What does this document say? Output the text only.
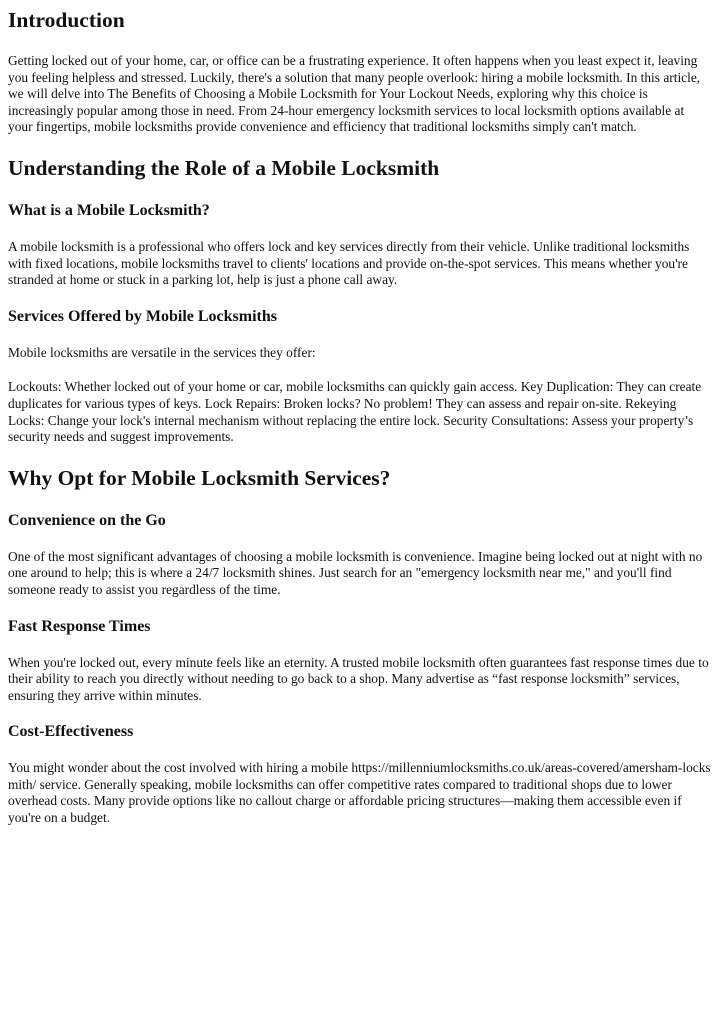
Introduction

Getting locked out of your home, car, or office can be a frustrating experience. It often happens when you least expect it, leaving you feeling helpless and stressed. Luckily, there's a solution that many people overlook: hiring a mobile locksmith. In this article, we will delve into The Benefits of Choosing a Mobile Locksmith for Your Lockout Needs, exploring why this choice is increasingly popular among those in need. From 24-hour emergency locksmith services to local locksmith options available at your fingertips, mobile locksmiths provide convenience and efficiency that traditional locksmiths simply can't match.

Understanding the Role of a Mobile Locksmith
What is a Mobile Locksmith?

A mobile locksmith is a professional who offers lock and key services directly from their vehicle. Unlike traditional locksmiths with fixed locations, mobile locksmiths travel to clients' locations and provide on-the-spot services. This means whether you're stranded at home or stuck in a parking lot, help is just a phone call away.

Services Offered by Mobile Locksmiths

Mobile locksmiths are versatile in the services they offer:

Lockouts: Whether locked out of your home or car, mobile locksmiths can quickly gain access. Key Duplication: They can create duplicates for various types of keys. Lock Repairs: Broken locks? No problem! They can assess and repair on-site. Rekeying Locks: Change your lock's internal mechanism without replacing the entire lock. Security Consultations: Assess your property’s security needs and suggest improvements.

Why Opt for Mobile Locksmith Services?
Convenience on the Go

One of the most significant advantages of choosing a mobile locksmith is convenience. Imagine being locked out at night with no one around to help; this is where a 24/7 locksmith shines. Just search for an "emergency locksmith near me," and you'll find someone ready to assist you regardless of the time.

Fast Response Times

When you're locked out, every minute feels like an eternity. A trusted mobile locksmith often guarantees fast response times due to their ability to reach you directly without needing to go back to a shop. Many advertise as “fast response locksmith” services, ensuring they arrive within minutes.

Cost-Effectiveness

You might wonder about the cost involved with hiring a mobile https://millenniumlocksmiths.co.uk/areas-covered/amersham-locksmith/ service. Generally speaking, mobile locksmiths can offer competitive rates compared to traditional shops due to lower overhead costs. Many provide options like no callout charge or affordable pricing structures—making them accessible even if you're on a budget.
